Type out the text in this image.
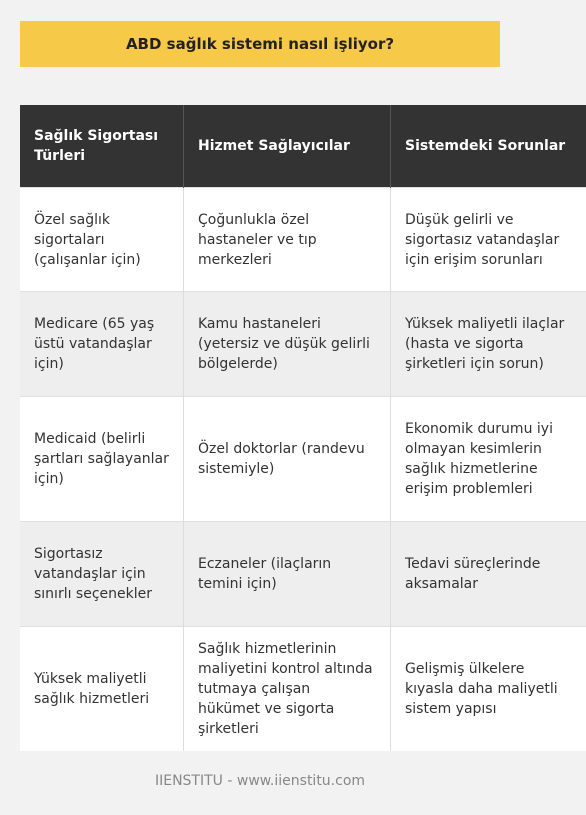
ABD sağlık sistemi nasıl işliyor?
Sağlık Sigortası Türleri	Hizmet Sağlayıcılar	Sistemdeki Sorunlar
Özel sağlık sigortaları (çalışanlar için)	Çoğunlukla özel hastaneler ve tıp merkezleri	Düşük gelirli ve sigortasız vatandaşlar için erişim sorunları
Medicare (65 yaş üstü vatandaşlar için)	Kamu hastaneleri (yetersiz ve düşük gelirli bölgelerde)	Yüksek maliyetli ilaçlar (hasta ve sigorta şirketleri için sorun)
Medicaid (belirli şartları sağlayanlar için)	Özel doktorlar (randevu sistemiyle)	Ekonomik durumu iyi olmayan kesimlerin sağlık hizmetlerine erişim problemleri
Sigortasız vatandaşlar için sınırlı seçenekler	Eczaneler (ilaçların temini için)	Tedavi süreçlerinde aksamalar
Yüksek maliyetli sağlık hizmetleri	Sağlık hizmetlerinin maliyetini kontrol altında tutmaya çalışan hükümet ve sigorta şirketleri	Gelişmiş ülkelere kıyasla daha maliyetli sistem yapısı
IIENSTITU - www.iienstitu.com
